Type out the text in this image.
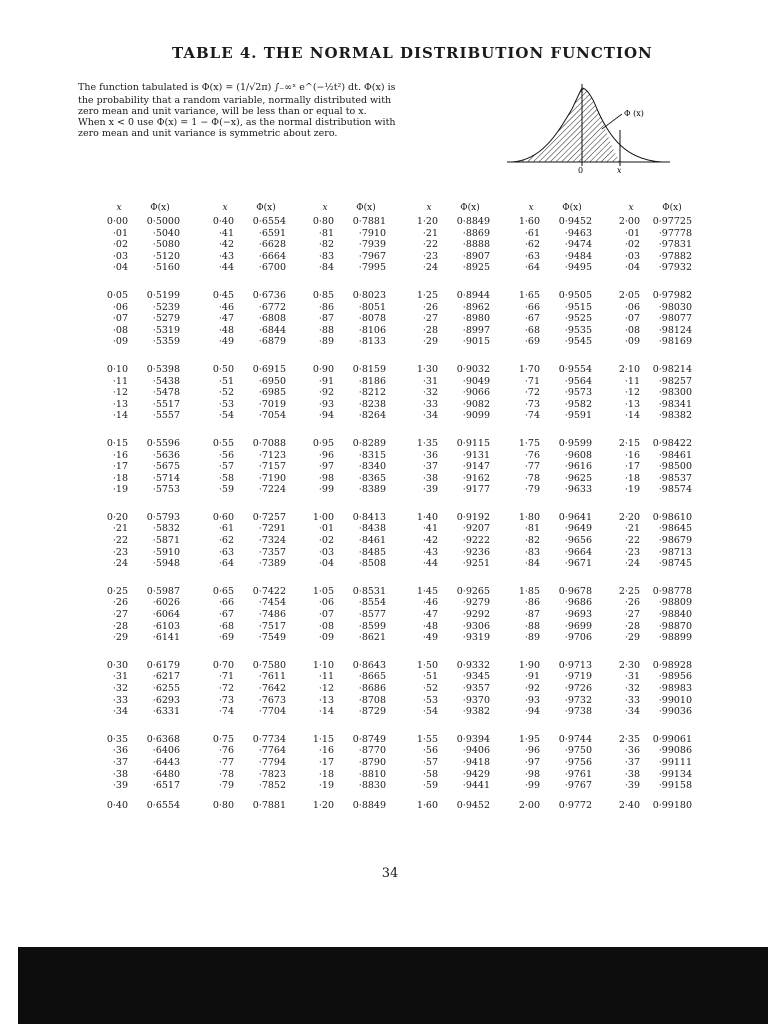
TABLE 4. THE NORMAL DISTRIBUTION FUNCTION

The function tabulated is Φ(x) = (1/√2π) ∫₋∞ˣ e^(−½t²) dt. Φ(x) is

the probability that a random variable, normally distributed with zero mean and unit variance, will be less than or equal to x. When x < 0 use Φ(x) = 1 − Φ(−x), as the normal distribution with zero mean and unit variance is symmetric about zero.

Φ (x)
0	x
x	Φ(x)
0·00 0·5000
·01	·5040
·02	·5080
·03	·5120
·04	·5160
0·05 0·5199
·06	·5239
·07	·5279
·08	·5319
·09	·5359
0·10 0·5398
·11	·5438
·12	·5478
·13	·5517
·14	·5557
0·15 0·5596
·16	·5636
·17	·5675
·18	·5714
·19	·5753
0·20 0·5793
·21	·5832
·22	·5871
·23	·5910
·24	·5948
0·25 0·5987
·26	·6026
·27	·6064
·28	·6103
·29	·6141
0·30 0·6179
·31	·6217
·32	·6255
·33	·6293
·34	·6331
0·35 0·6368
·36	·6406
·37	·6443
·38	·6480
·39	·6517
0·40 0·6554
x	Φ(x)
0·40 0·6554
·41	·6591
·42	·6628
·43	·6664
·44	·6700
0·45 0·6736
·46	·6772
·47	·6808
·48	·6844
·49	·6879
0·50 0·6915
·51	·6950
·52	·6985
·53	·7019
·54	·7054
0·55 0·7088
·56	·7123
·57	·7157
·58	·7190
·59	·7224
0·60 0·7257
·61	·7291
·62	·7324
·63	·7357
·64	·7389
0·65 0·7422
·66	·7454
·67	·7486
·68	·7517
·69	·7549
0·70 0·7580
·71	·7611
·72	·7642
·73	·7673
·74	·7704
0·75 0·7734
·76	·7764
·77	·7794
·78	·7823
·79	·7852
0·80 0·7881
x	Φ(x)
0·80 0·7881
·81	·7910
·82	·7939
·83	·7967
·84	·7995
0·85 0·8023
·86	·8051
·87	·8078
·88	·8106
·89	·8133
0·90 0·8159
·91	·8186
·92	·8212
·93	·8238
·94	·8264
0·95 0·8289
·96	·8315
·97	·8340
·98	·8365
·99	·8389
1·00 0·8413
·01	·8438
·02	·8461
·03	·8485
·04	·8508
1·05 0·8531
·06	·8554
·07	·8577
·08	·8599
·09	·8621
1·10 0·8643
·11	·8665
·12	·8686
·13	·8708
·14	·8729
1·15 0·8749
·16	·8770
·17	·8790
·18	·8810
·19	·8830
1·20 0·8849
x	Φ(x)
1·20 0·8849
·21	·8869
·22	·8888
·23	·8907
·24	·8925
1·25 0·8944
·26	·8962
·27	·8980
·28	·8997
·29	·9015
1·30 0·9032
·31	·9049
·32	·9066
·33	·9082
·34	·9099
1·35 0·9115
·36	·9131
·37	·9147
·38	·9162
·39	·9177
1·40 0·9192
·41	·9207
·42	·9222
·43	·9236
·44	·9251
1·45 0·9265
·46	·9279
·47	·9292
·48	·9306
·49	·9319
1·50 0·9332
·51	·9345
·52	·9357
·53	·9370
·54	·9382
1·55 0·9394
·56	·9406
·57	·9418
·58	·9429
·59	·9441
1·60 0·9452
x	Φ(x)
1·60 0·9452
·61	·9463
·62	·9474
·63	·9484
·64	·9495
1·65 0·9505
·66	·9515
·67	·9525
·68	·9535
·69	·9545
1·70 0·9554
·71	·9564
·72	·9573
·73	·9582
·74	·9591
1·75 0·9599
·76	·9608
·77	·9616
·78	·9625
·79	·9633
1·80 0·9641
·81	·9649
·82	·9656
·83	·9664
·84	·9671
1·85 0·9678
·86	·9686
·87	·9693
·88	·9699
·89	·9706
1·90 0·9713
·91	·9719
·92	·9726
·93	·9732
·94	·9738
1·95 0·9744
·96	·9750
·97	·9756
·98	·9761
·99	·9767
2·00 0·9772
x	Φ(x)
2·00 0·97725
·01 ·97778
·02 ·97831
·03 ·97882
·04 ·97932
2·05 0·97982
·06 ·98030
·07 ·98077
·08 ·98124
·09 ·98169
2·10 0·98214
·11 ·98257
·12 ·98300
·13 ·98341
·14 ·98382
2·15 0·98422
·16 ·98461
·17 ·98500
·18 ·98537
·19 ·98574
2·20 0·98610
·21 ·98645
·22 ·98679
·23 ·98713
·24 ·98745
2·25 0·98778
·26 ·98809
·27 ·98840
·28 ·98870
·29 ·98899
2·30 0·98928
·31 ·98956
·32 ·98983
·33 ·99010
·34 ·99036
2·35 0·99061
·36 ·99086
·37 ·99111
·38 ·99134
·39 ·99158
2·40 0·99180
34
